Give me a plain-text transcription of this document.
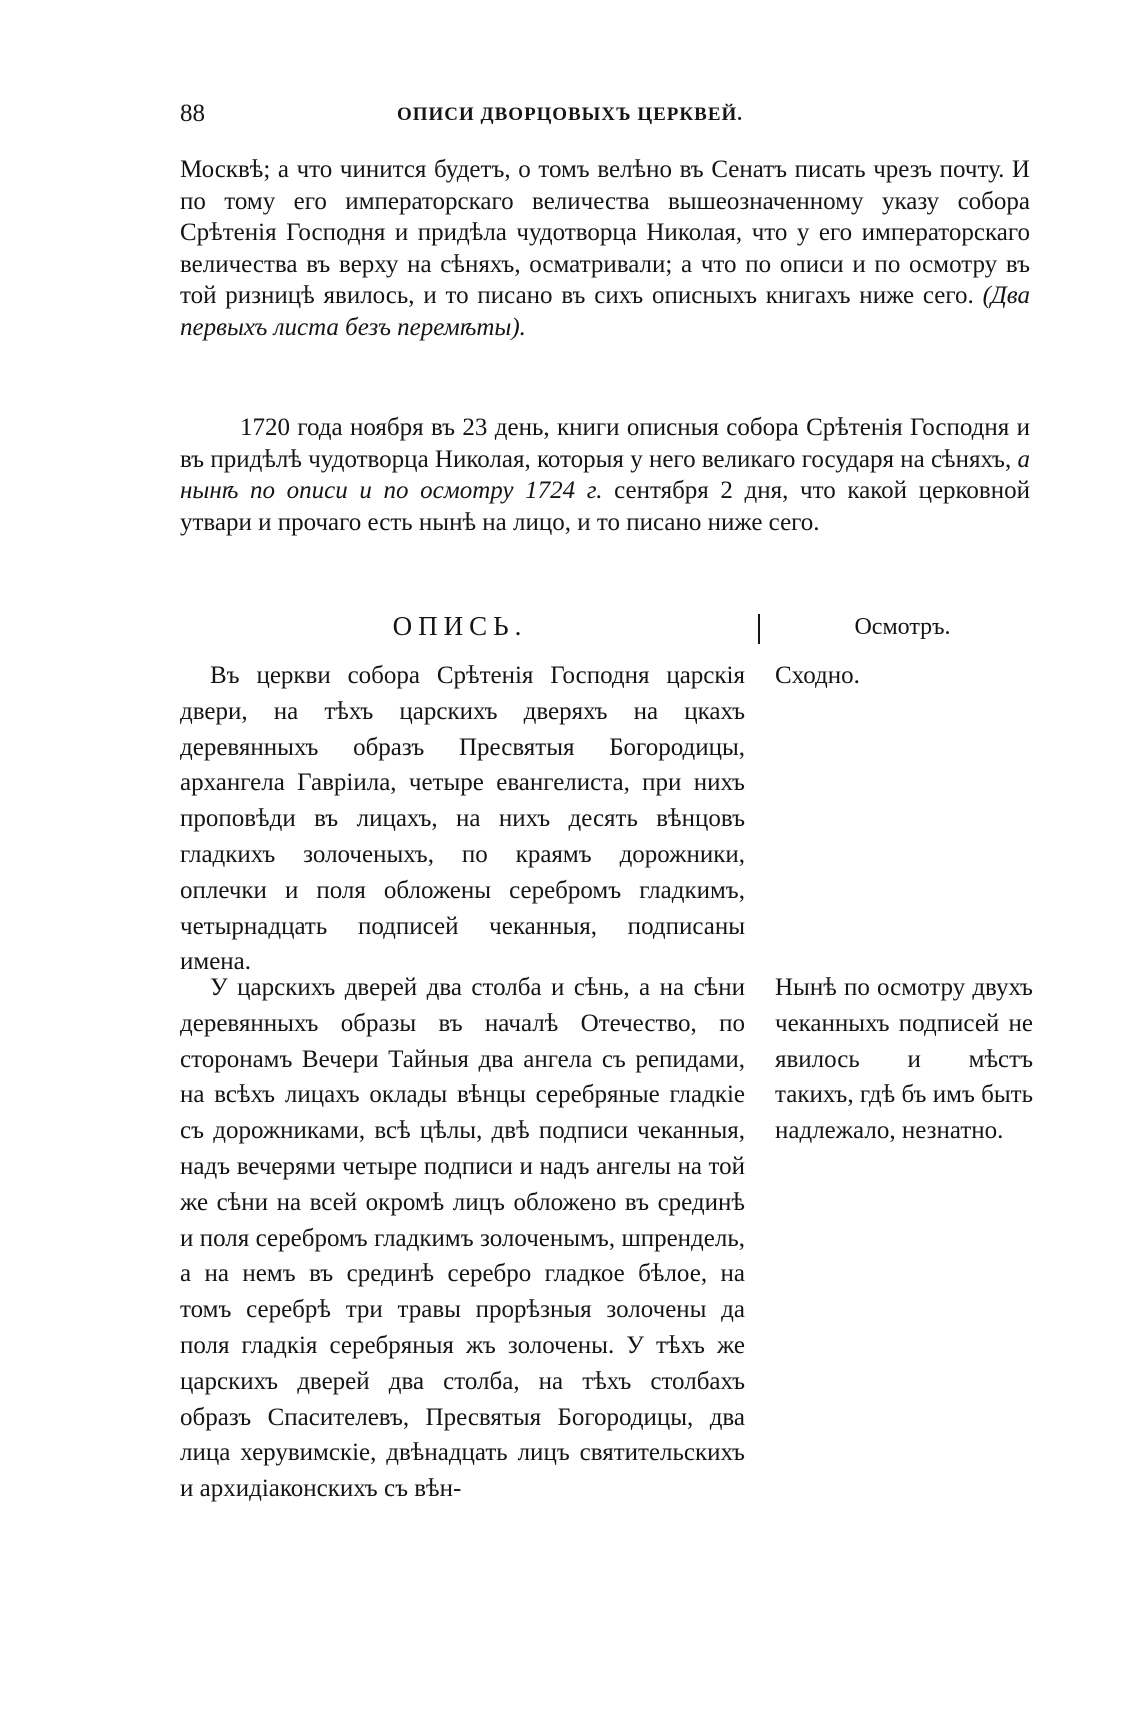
88	ОПИСИ ДВОРЦОВЫХЪ ЦЕРКВЕЙ.

Москвѣ; а что чинится будетъ, о томъ велѣно въ Сенатъ писать чрезъ почту. И по тому его императорскаго величества вышеозначенному указу собора Срѣтенія Господня и придѣла чудотворца Николая, что у его императорскаго величества въ верху на сѣняхъ, осматривали; а что по описи и по осмотру въ той ризницѣ явилось, и то писано въ сихъ описныхъ книгахъ ниже сего. (Два первыхъ листа безъ перемѣты).

1720 года ноября въ 23 день, книги описныя собора Срѣтенія Господня и въ придѣлѣ чудотворца Николая, которыя у него великаго государя на сѣняхъ, а нынѣ по описи и по осмотру 1724 г. сентября 2 дня, что какой церковной утвари и прочаго есть нынѣ на лицо, и то писано ниже сего.

ОПИСЬ.	Осмотръ.

Въ церкви собора Срѣтенія Господня царскія двери, на тѣхъ царскихъ дверяхъ на цкахъ деревянныхъ образъ Пресвятыя Богородицы, архангела Гавріила, четыре евангелиста, при нихъ проповѣди въ лицахъ, на нихъ десять вѣнцовъ гладкихъ золоченыхъ, по краямъ дорожники, оплечки и поля обложены серебромъ гладкимъ, четырнадцать подписей чеканныя, подписаны имена.

Сходно.

У царскихъ дверей два столба и сѣнь, а на сѣни деревянныхъ образы въ началѣ Отечество, по сторонамъ Вечери Тайныя два ангела съ репидами, на всѣхъ лицахъ оклады вѣнцы серебряные гладкіе съ дорожниками, всѣ цѣлы, двѣ подписи чеканныя, надъ вечерями четыре подписи и надъ ангелы на той же сѣни на всей окромѣ лицъ обложено въ срединѣ и поля серебромъ гладкимъ золоченымъ, шпрендель, а на немъ въ срединѣ серебро гладкое бѣлое, на томъ серебрѣ три травы прорѣзныя золочены да поля гладкія серебряныя жъ золочены. У тѣхъ же царскихъ дверей два столба, на тѣхъ столбахъ образъ Спасителевъ, Пресвятыя Богородицы, два лица херувимскіе, двѣнадцать лицъ святительскихъ и архидіаконскихъ съ вѣн-

Нынѣ по осмотру двухъ чеканныхъ подписей не явилось и мѣстъ такихъ, гдѣ бъ имъ быть надлежало, незнатно.
